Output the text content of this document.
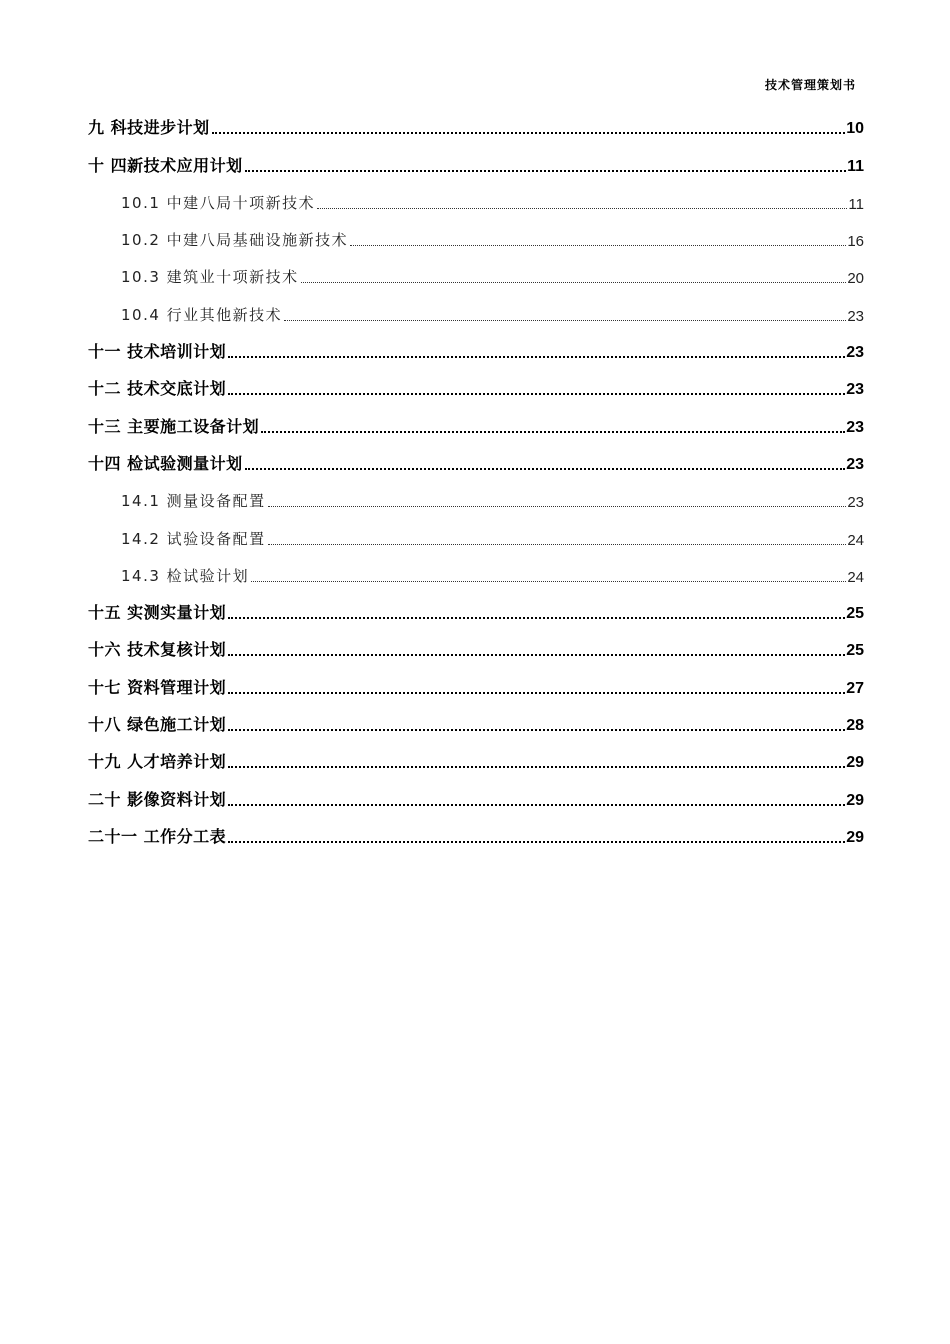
技术管理策划书
九 科技进步计划	10
十 四新技术应用计划	11
10.1 中建八局十项新技术	11
10.2 中建八局基础设施新技术	16
10.3 建筑业十项新技术	20
10.4 行业其他新技术	23
十一 技术培训计划	23
十二 技术交底计划	23
十三 主要施工设备计划	23
十四 检试验测量计划	23
14.1 测量设备配置	23
14.2 试验设备配置	24
14.3 检试验计划	24
十五 实测实量计划	25
十六 技术复核计划	25
十七 资料管理计划	27
十八 绿色施工计划	28
十九 人才培养计划	29
二十 影像资料计划	29
二十一 工作分工表	29
